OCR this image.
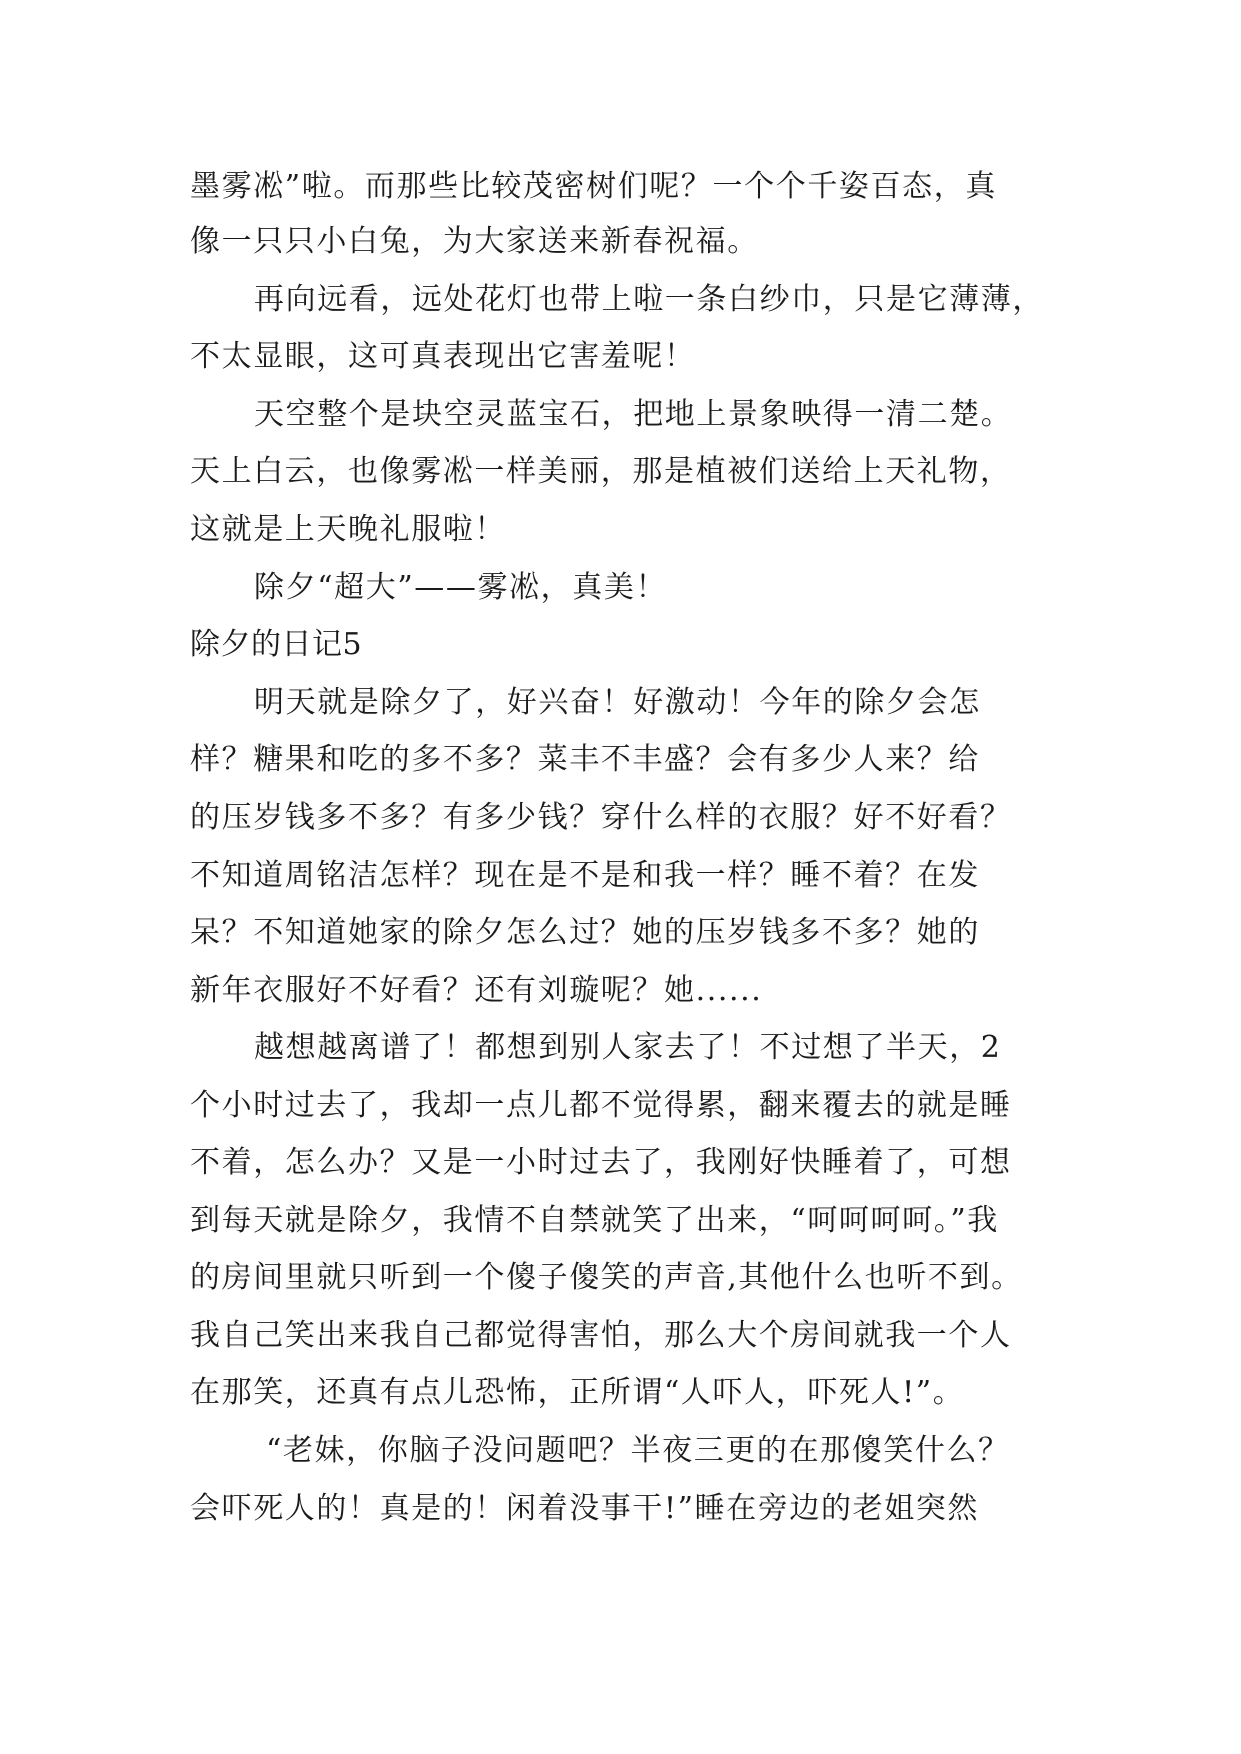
墨雾凇”啦。而那些比较茂密树们呢？一个个千姿百态，真
像一只只小白兔，为大家送来新春祝福。
再向远看，远处花灯也带上啦一条白纱巾，只是它薄薄，
不太显眼，这可真表现出它害羞呢！
天空整个是块空灵蓝宝石，把地上景象映得一清二楚。
天上白云，也像雾凇一样美丽，那是植被们送给上天礼物，
这就是上天晚礼服啦！
除夕“超大”——雾凇，真美！
除夕的日记5
明天就是除夕了，好兴奋！好激动！今年的除夕会怎
样？糖果和吃的多不多？菜丰不丰盛？会有多少人来？给
的压岁钱多不多？有多少钱？穿什么样的衣服？好不好看？
不知道周铭洁怎样？现在是不是和我一样？睡不着？在发
呆？不知道她家的除夕怎么过？她的压岁钱多不多？她的
新年衣服好不好看？还有刘璇呢？她......
越想越离谱了！都想到别人家去了！不过想了半天，2
个小时过去了，我却一点儿都不觉得累，翻来覆去的就是睡
不着，怎么办？又是一小时过去了，我刚好快睡着了，可想
到每天就是除夕，我情不自禁就笑了出来，“呵呵呵呵。”我
的房间里就只听到一个傻子傻笑的声音,其他什么也听不到。
我自己笑出来我自己都觉得害怕，那么大个房间就我一个人
在那笑，还真有点儿恐怖，正所谓“人吓人，吓死人!”。
“老妹，你脑子没问题吧？半夜三更的在那傻笑什么？
会吓死人的！真是的！闲着没事干!”睡在旁边的老姐突然
